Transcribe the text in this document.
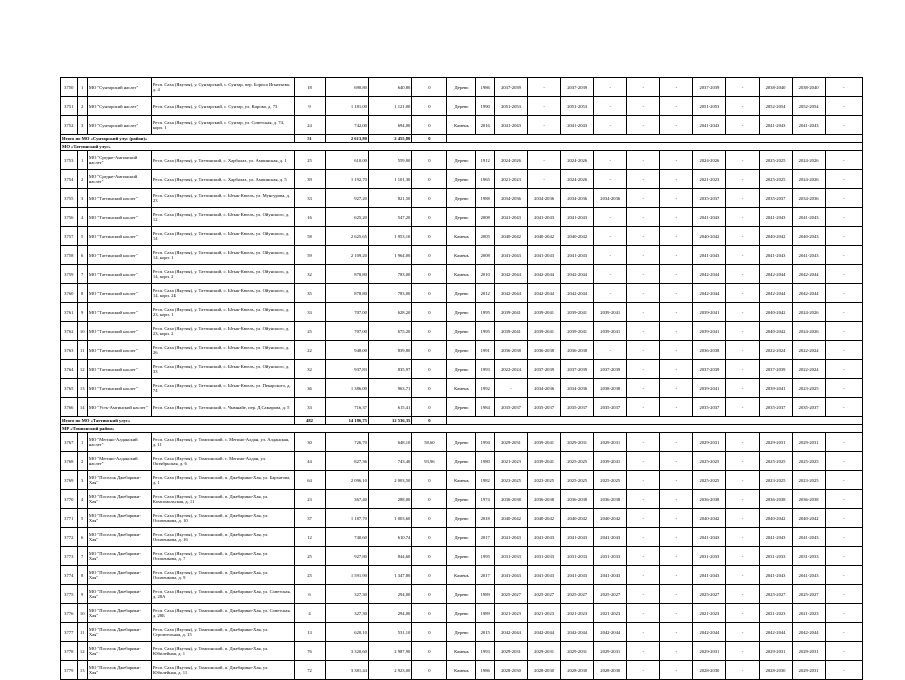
3750	1	МО "Сунтарский наслег"	Респ. Саха (Якутия), у. Сунтарский, с. Сунтар, пер. Бориса Игнатьева, д. 4	18	690,80	640,80	0	Дерево	1986	2037-2039	-	2037-2039	-	-	-	2037-2039	-	2038-2040	2038-2040	-
3751	2	МО "Сунтарский наслег"	Респ. Саха (Якутия), у. Сунтарский, с. Сунтар, ул. Кирова, д. 73	9	1 181,00	1 121,00	0	Дерево	1990	2051-2053	-	2051-2053	-	-	-	2051-2053	-	2052-2054	2052-2054	-
3752	3	МО "Сунтарский наслег"	Респ. Саха (Якутия), у. Сунтарский, с. Сунтар, ул. Советская, д. 74, корп. 1	24	742,00	694,00	0	Камень	2016	2041-2043	-	2041-2043	-	-	-	2041-2043	-	2041-2043	2041-2043	-
Итого по МО «Сунтарский улус (район)»				51	2 613,80	2 455,80	0													
МО «Таттинский улус»																				
3753	1	МО "Средне-Амгинский наслег"	Респ. Саха (Якутия), у. Таттинский, с. Харбалах, ул. Ампинская, д. 1	25	610,00	559,00	0	Дерево	1912	2024-2026	-	2024-2026	-	-	-	2024-2026	-	2025-2025	2024-2026	-
3754	2	МО "Средне-Амгинский наслег"	Респ. Саха (Якутия), у. Таттинский, с. Харбалах, ул. Ампинская, д. 5	39	1 192,70	1 101,30	0	Дерево	1965	2021-2023	-	2024-2026	-	-	-	2021-2023	-	2025-2025	2024-2026	-
3755	3	МО "Таттинский наслег"	Респ. Саха (Якутия), у. Таттинский, с. Ытык-Кюель, ул. Мунгурова, д. 23	33	927,20	821,50	0	Дерево	1988	2034-2036	2034-2036	2034-2036	2034-2036	-	-	2035-2037	-	2035-2037	2034-2036	-
3756	4	МО "Таттинский наслег"	Респ. Саха (Якутия), у. Таттинский, с. Ытык-Кюель, ул. Ойунского, д. 12	16	625,20	547,20	0	Дерево	2008	2041-2043	2041-2043	2041-2043	-	-	-	2041-2043	-	2041-2043	2041-2043	-
3757	5	МО "Таттинский наслег"	Респ. Саха (Якутия), у. Таттинский, с. Ытык-Кюель, ул. Ойунского, д. 14	58	2 625,65	1 953,16	0	Камень	2005	2040-2042	2040-2042	2040-2042	-	-	-	2040-2042	-	2040-2042	2040-2043	-
3758	6	МО "Таттинский наслег"	Респ. Саха (Якутия), у. Таттинский, с. Ытык-Кюель, ул. Ойунского, д. 14, корп. 1	59	2 109,20	1 964,00	0	Камень	2008	2041-2043	2041-2043	2041-2043	-	-	-	2041-2043	-	2041-2043	2041-2043	-
3759	7	МО "Таттинский наслег"	Респ. Саха (Якутия), у. Таттинский, с. Ытык-Кюель, ул. Ойунского, д. 14, корп. 2	32	878,80	783,00	0	Камень	2010	2042-2044	2042-2044	2042-2044	-	-	-	2042-2044	-	2042-2044	2042-2044	-
3760	8	МО "Таттинский наслег"	Респ. Саха (Якутия), у. Таттинский, с. Ытык-Кюель, ул. Ойунского, д. 14, корп. 2Б	35	878,80	783,00	0	Дерево	2012	2042-2044	2042-2044	2042-2044	-	-	-	2042-2044	-	2042-2044	2042-2044	-
3761	9	МО "Таттинский наслег"	Респ. Саха (Якутия), у. Таттинский, с. Ытык-Кюель, ул. Ойунского, д. 23, корп. 1	33	707,00	628,20	0	Дерево	1995	2039-2041	2039-2041	2039-2041	2039-2041	-	-	2039-2041	-	2040-2042	2024-2026	-
3762	10	МО "Таттинский наслег"	Респ. Саха (Якутия), у. Таттинский, с. Ытык-Кюель, ул. Ойунского, д. 23, корп. 2	25	707,00	675,20	0	Дерево	1995	2039-2041	2039-2041	2039-2041	2039-2041	-	-	2039-2041	-	2040-2042	2024-2026	-
3763	11	МО "Таттинский наслег"	Респ. Саха (Якутия), у. Таттинский, с. Ытык-Кюель, ул. Ойунского, д. 26	22	948,00	839,80	0	Дерево	1991	2036-2038	2036-2038	2036-2038	-	-	-	2036-2038	-	2022-2024	2022-2024	-
3764	12	МО "Таттинский наслег"	Респ. Саха (Якутия), у. Таттинский, с. Ытык-Кюель, ул. Ойунского, д. 33	32	937,83	835,97	0	Дерево	1993	2022-2024	2037-2039	2037-2039	2037-2039	-	-	2037-2039	-	2037-2039	2022-2024	-
3765	13	МО "Таттинский наслег"	Респ. Саха (Якутия), у. Таттинский, с. Ытык-Кюель, ул. Пекарского, д. 74	36	1 386,00	963,71	0	Камень	1992	-	2034-2036	2034-2036	2038-2038	-	-	2039-2041	-	2039-2041	2023-2025	-
3766	14	МО "Усть-Амгинский наслег"	Респ. Саха (Якутия), у. Таттинский, с. Чымнайе, пер. Д.Самарова, д. 5	33	716,37	615,41	0	Дерево	1984	2035-2037	2035-2037	2035-2037	2035-2037	-	-	2035-2037	-	2035-2037	2035-2037	-
Итого по МО «Таттинский улус»				482	14 186,75	12 536,35	0													
МР «Томпонский район»																				
3767	1	МО "Мегино-Алданский наслег"	Респ. Саха (Якутия), у. Томпонский, с. Мегино-Алдан, ул. Алданская, д. 11	30	726,70	648,10	58,60	Дерево	1994	2029-2031	2039-2041	2029-2031	2029-2031	-	-	2029-2031	-	2029-2031	2029-2031	-
3768	2	МО "Мегино-Алданский наслег"	Респ. Саха (Якутия), у. Томпонский, с. Мегино-Алдан, ул. Октябрьская, д. 6	44	827,36	743,40	93,96	Дерево	1980	2021-2023	2039-2041	2025-2025	2039-2041	-	-	2025-2025	-	2025-2025	2025-2025	-
3769	3	МО "Поселок Джебарики-Хая"	Респ. Саха (Якутия), у. Томпонский, п. Джебарики-Хая, ул. Бархатова, д. 1	64	2 096,10	2 003,50	0	Камень	1982	2023-2025	2023-2025	2025-2025	2025-2025	-	-	2025-2025	-	2023-2025	2023-2025	-
3770	4	МО "Поселок Джебарики-Хая"	Респ. Саха (Якутия), у. Томпонский, п. Джебарики-Хая, ул. Комсомольская, д. 11	23	367,40	288,00	0	Дерево	1974	2036-2038	2036-2038	2036-2038	2036-2038	-	-	2036-2038	-	2036-2038	2036-2038	-
3771	5	МО "Поселок Джебарики-Хая"	Респ. Саха (Якутия), у. Томпонский, п. Джебарики-Хая, ул. Осипенкова, д. 10	37	1 187,70	1 003,60	0	Дерево	2018	2040-2042	2040-2042	2040-2042	2040-2042	-	-	2040-2042	-	2040-2042	2040-2042	-
3772	6	МО "Поселок Джебарики-Хая"	Респ. Саха (Якутия), у. Томпонский, п. Джебарики-Хая, ул. Осипенкова, д. 16	12	740,60	610,74	0	Дерево	2017	2041-2043	2041-2043	2041-2043	2041-2043	-	-	2041-2043	-	2041-2043	2041-2043	-
3773	7	МО "Поселок Джебарики-Хая"	Респ. Саха (Якутия), у. Томпонский, п. Джебарики-Хая, ул. Осипенкова, д. 7	25	927,80	844,60	0	Дерево	1995	2031-2033	2031-2033	2031-2033	2031-2033	-	-	2031-2033	-	2031-2033	2031-2033	-
3774	8	МО "Поселок Джебарики-Хая"	Респ. Саха (Якутия), у. Томпонский, п. Джебарики-Хая, ул. Осипенкова, д. 9	25	1 591,90	1 347,80	0	Камень	2017	2041-2043	2041-2043	2041-2043	2041-2043	-	-	2041-2043	-	2041-2043	2041-2043	-
3775	9	МО "Поселок Джебарики-Хая"	Респ. Саха (Якутия), у. Томпонский, п. Джебарики-Хая, ул. Советская, д. 28А	6	327,30	294,00	0	Дерево	1989	2025-2027	2025-2027	2025-2027	2025-2027	-	-	2025-2027	-	2025-2027	2025-2027	-
3776	10	МО "Поселок Джебарики-Хая"	Респ. Саха (Якутия), у. Томпонский, п. Джебарики-Хая, ул. Советская, д. 28Б	4	327,30	294,00	0	Дерево	1989	2021-2023	2021-2023	2021-2023	2021-2023	-	-	2021-2023	-	2021-2023	2021-2023	-
3777	11	МО "Поселок Джебарики-Хая"	Респ. Саха (Якутия), у. Томпонский, п. Джебарики-Хая, ул. Строительная, д. 15	13	620,10	531,10	0	Дерево	2015	2042-2044	2042-2044	2042-2044	2042-2044	-	-	2042-2044	-	2042-2044	2042-2044	-
3778	12	МО "Поселок Джебарики-Хая"	Респ. Саха (Якутия), у. Томпонский, п. Джебарики-Хая, ул. Юбилейная, д. 1	76	3 320,60	2 987,90	0	Камень	1993	2029-2031	2029-2031	2029-2031	2029-2031	-	-	2029-2031	-	2029-2031	2029-2031	-
3779	13	МО "Поселок Джебарики-Хая"	Респ. Саха (Якутия), у. Томпонский, п. Джебарики-Хая, ул. Юбилейная, д. 11	72	3 381,44	2 923,00	0	Камень	1986	2028-2030	2028-2030	2028-2030	2028-2030	-	-	2028-2030	-	2028-2030	2029-2031	-
